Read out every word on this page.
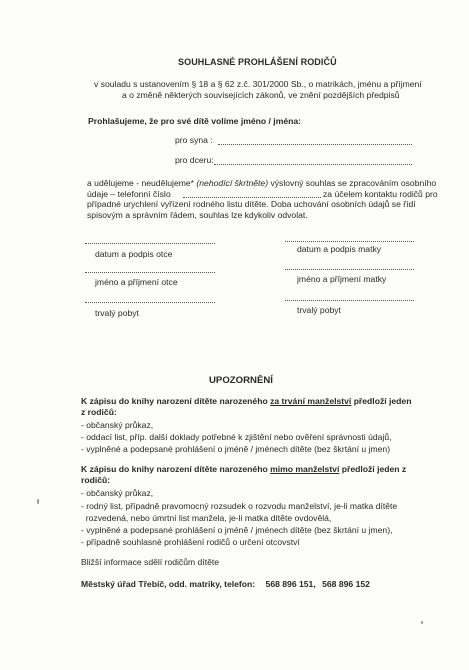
SOUHLASNÉ PROHLÁŠENÍ RODIČŮ
v souladu s ustanovením § 18 a § 62 z.č. 301/2000 Sb., o matrikách, jménu a příjmení
a o změně některých souvisejících zákonů, ve znění pozdějších předpisů
Prohlašujeme, že pro své dítě volíme jméno / jména:
pro syna :
pro dceru:
a udělujeme - neudělujeme* (nehodící škrtněte) výslovný souhlas se zpracováním osobního
údaje – telefonní číslo	za účelem kontaktu rodičů pro
případné urychlení vyřízení rodného listu dítěte. Doba uchování osobních údajů se řídí
spisovým a správním řádem, souhlas lze kdykoliv odvolat.
datum a podpis otce	datum a podpis matky
jméno a příjmení otce	jméno a příjmení matky
trvalý pobyt	trvalý pobyt
UPOZORNĚNÍ
K zápisu do knihy narození dítěte narozeného za trvání manželství předloží jeden
z rodičů:
- občanský průkaz,
- oddací list, příp. další doklady potřebné k zjištění nebo ověření správnosti údajů,
- vyplněné a podepsané prohlášení o jméně / jménech dítěte (bez škrtání u jmen)
K zápisu do knihy narození dítěte narozeného mimo manželství předloží jeden z
rodičů:
- občanský průkaz,
- rodný list, případně pravomocný rozsudek o rozvodu manželství, je-li matka dítěte
rozvedená, nebo úmrtní list manžela, je-li matka dítěte ovdovělá,
- vyplněné a podepsané prohlášení o jméně / jménech dítěte (bez škrtání u jmen),
- případně souhlasné prohlášení rodičů o určení otcovství
Bližší informace sdělí rodičům dítěte
Městský úřad Třebíč, odd. matriky, telefon: 568 896 151, 568 896 152
